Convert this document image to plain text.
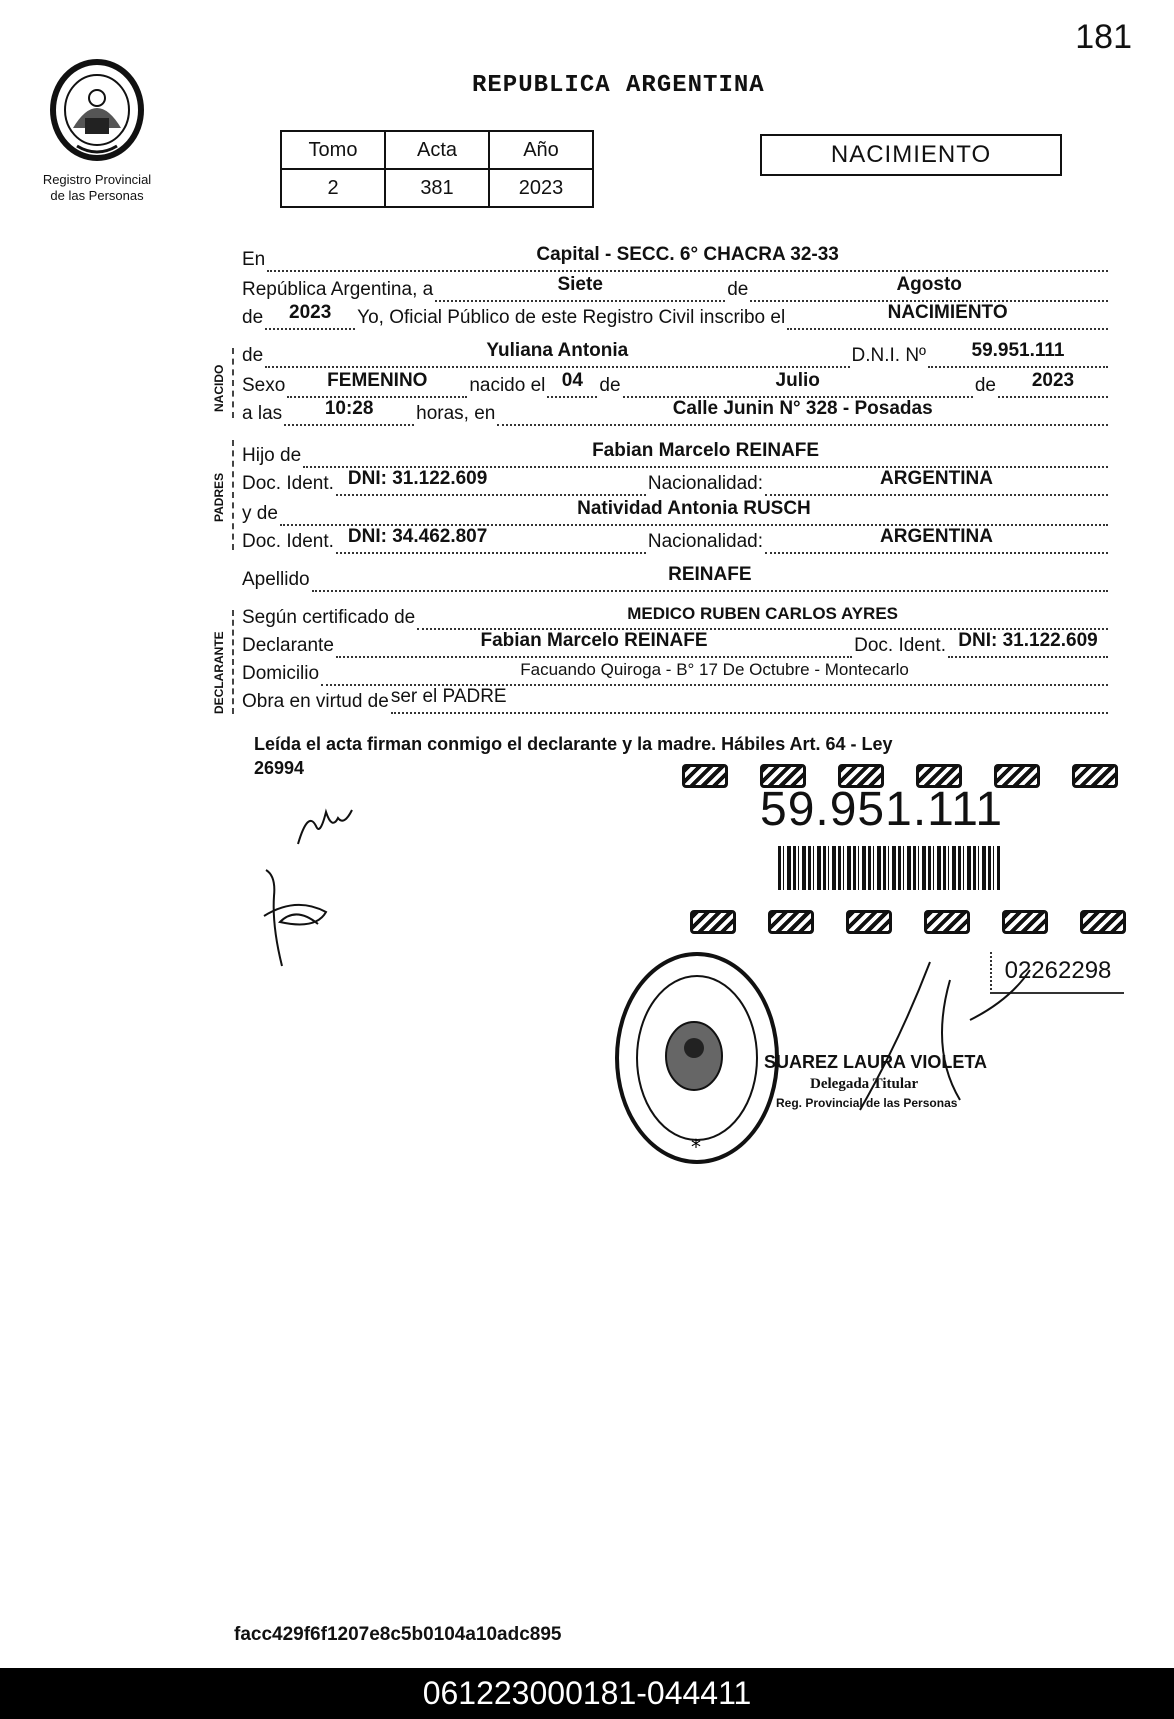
181
Registro Provincial
de las Personas
REPUBLICA ARGENTINA
Tomo	Acta	Año
2	381	2023
NACIMIENTO
NACIDO
PADRES
DECLARANTE
En	Capital - SECC. 6° CHACRA 32-33
República Argentina, a	Siete	de	Agosto
de	2023	Yo, Oficial Público de este Registro Civil inscribo el	NACIMIENTO
de	Yuliana Antonia	D.N.I. Nº	59.951.111
Sexo	FEMENINO	nacido el 04 de	Julio	de	2023
a las	10:28	horas, en	Calle Junin N° 328 - Posadas
Hijo de	Fabian Marcelo REINAFE
Doc. Ident. DNI: 31.122.609	Nacionalidad:	ARGENTINA
y de	Natividad Antonia RUSCH
Doc. Ident. DNI: 34.462.807	Nacionalidad:	ARGENTINA
Apellido	REINAFE
Según certificado de	MEDICO RUBEN CARLOS AYRES
Declarante	Fabian Marcelo REINAFE	Doc. Ident. DNI: 31.122.609
Domicilio	Facuando Quiroga - B° 17 De Octubre - Montecarlo
Obra en virtud de ser el PADRE
Leída el acta firman conmigo el declarante y la madre. Hábiles Art. 64 - Ley
26994
59.951.111
02262298
*
SUAREZ LAURA VIOLETA
Delegada Titular
Reg. Provincial de las Personas
facc429f6f1207e8c5b0104a10adc895
061223000181-044411
